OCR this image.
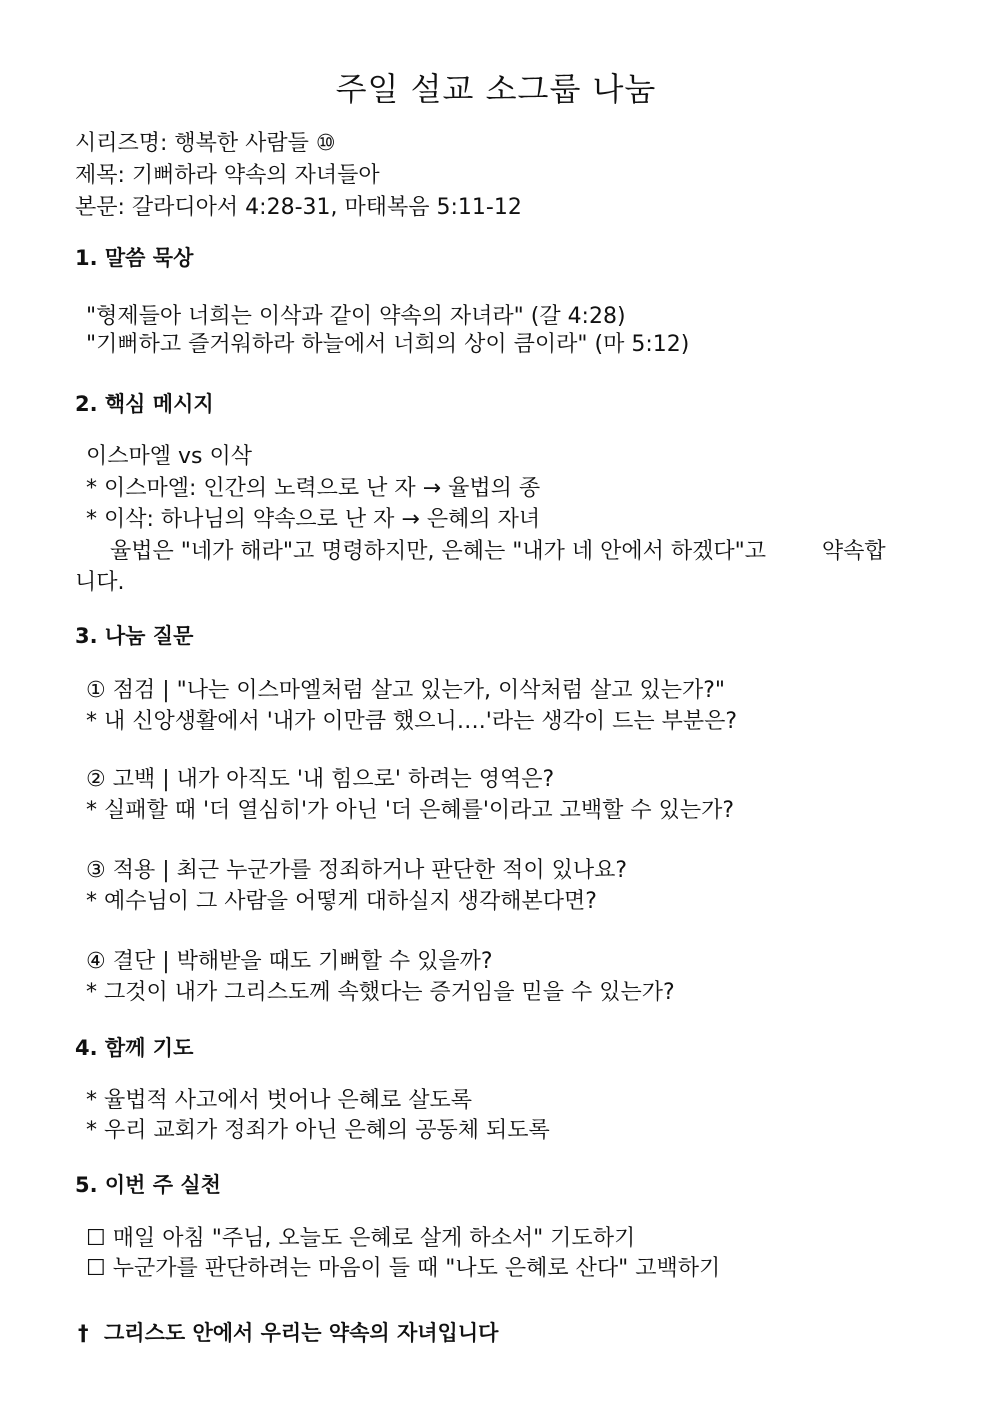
주일 설교 소그룹 나눔

시리즈명: 행복한 사람들 ⑩

제목: 기뻐하라 약속의 자녀들아

본문: 갈라디아서 4:28-31, 마태복음 5:11-12

1. 말씀 묵상

"형제들아 너희는 이삭과 같이 약속의 자녀라" (갈 4:28)

"기뻐하고 즐거워하라 하늘에서 너희의 상이 큼이라" (마 5:12)

2. 핵심 메시지

이스마엘 vs 이삭

* 이스마엘: 인간의 노력으로 난 자 → 율법의 종

* 이삭: 하나님의 약속으로 난 자 → 은혜의 자녀

율법은 "네가 해라"고 명령하지만, 은혜는 "내가 네 안에서 하겠다"고        약속합

니다.

3. 나눔 질문

① 점검 | "나는 이스마엘처럼 살고 있는가, 이삭처럼 살고 있는가?"

* 내 신앙생활에서 '내가 이만큼 했으니….'라는 생각이 드는 부분은?

② 고백 | 내가 아직도 '내 힘으로' 하려는 영역은?

* 실패할 때 '더 열심히'가 아닌 '더 은혜를'이라고 고백할 수 있는가?

③ 적용 | 최근 누군가를 정죄하거나 판단한 적이 있나요?

* 예수님이 그 사람을 어떻게 대하실지 생각해본다면?

④ 결단 | 박해받을 때도 기뻐할 수 있을까?

* 그것이 내가 그리스도께 속했다는 증거임을 믿을 수 있는가?

4. 함께 기도

* 율법적 사고에서 벗어나 은혜로 살도록

* 우리 교회가 정죄가 아닌 은혜의 공동체 되도록

5. 이번 주 실천

☐ 매일 아침 "주님, 오늘도 은혜로 살게 하소서" 기도하기

☐ 누군가를 판단하려는 마음이 들 때 "나도 은혜로 산다" 고백하기

† 그리스도 안에서 우리는 약속의 자녀입니다
